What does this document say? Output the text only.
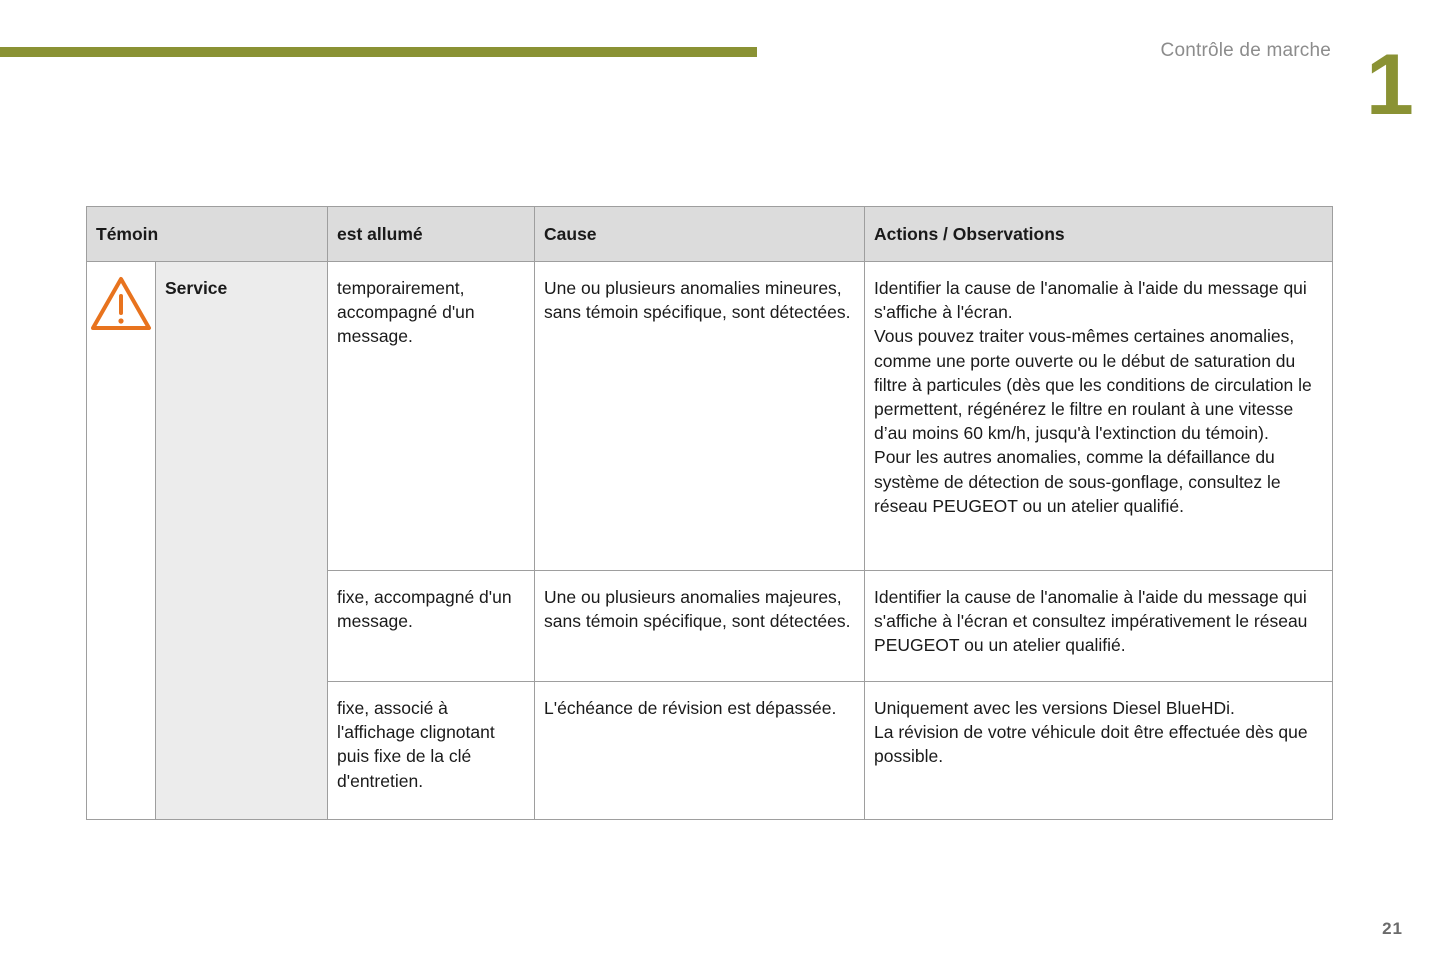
Contrôle de marche 1
Témoin		est allumé	Cause	Actions / Observations
	Service	temporairement, accompagné d'un message.	Une ou plusieurs anomalies mineures, sans témoin spécifique, sont détectées.	Identifier la cause de l'anomalie à l'aide du message qui s'affiche à l'écran.
Vous pouvez traiter vous-mêmes certaines anomalies, comme une porte ouverte ou le début de saturation du filtre à particules (dès que les conditions de circulation le permettent, régénérez le filtre en roulant à une vitesse d’au moins 60 km/h, jusqu'à l'extinction du témoin).
Pour les autres anomalies, comme la défaillance du système de détection de sous-gonflage, consultez le réseau PEUGEOT ou un atelier qualifié.
		fixe, accompagné d'un message.	Une ou plusieurs anomalies majeures, sans témoin spécifique, sont détectées.	Identifier la cause de l'anomalie à l'aide du message qui s'affiche à l'écran et consultez impérativement le réseau PEUGEOT ou un atelier qualifié.
		fixe, associé à l'affichage clignotant puis fixe de la clé d'entretien.	L'échéance de révision est dépassée.	Uniquement avec les versions Diesel BlueHDi.
La révision de votre véhicule doit être effectuée dès que possible.
21
